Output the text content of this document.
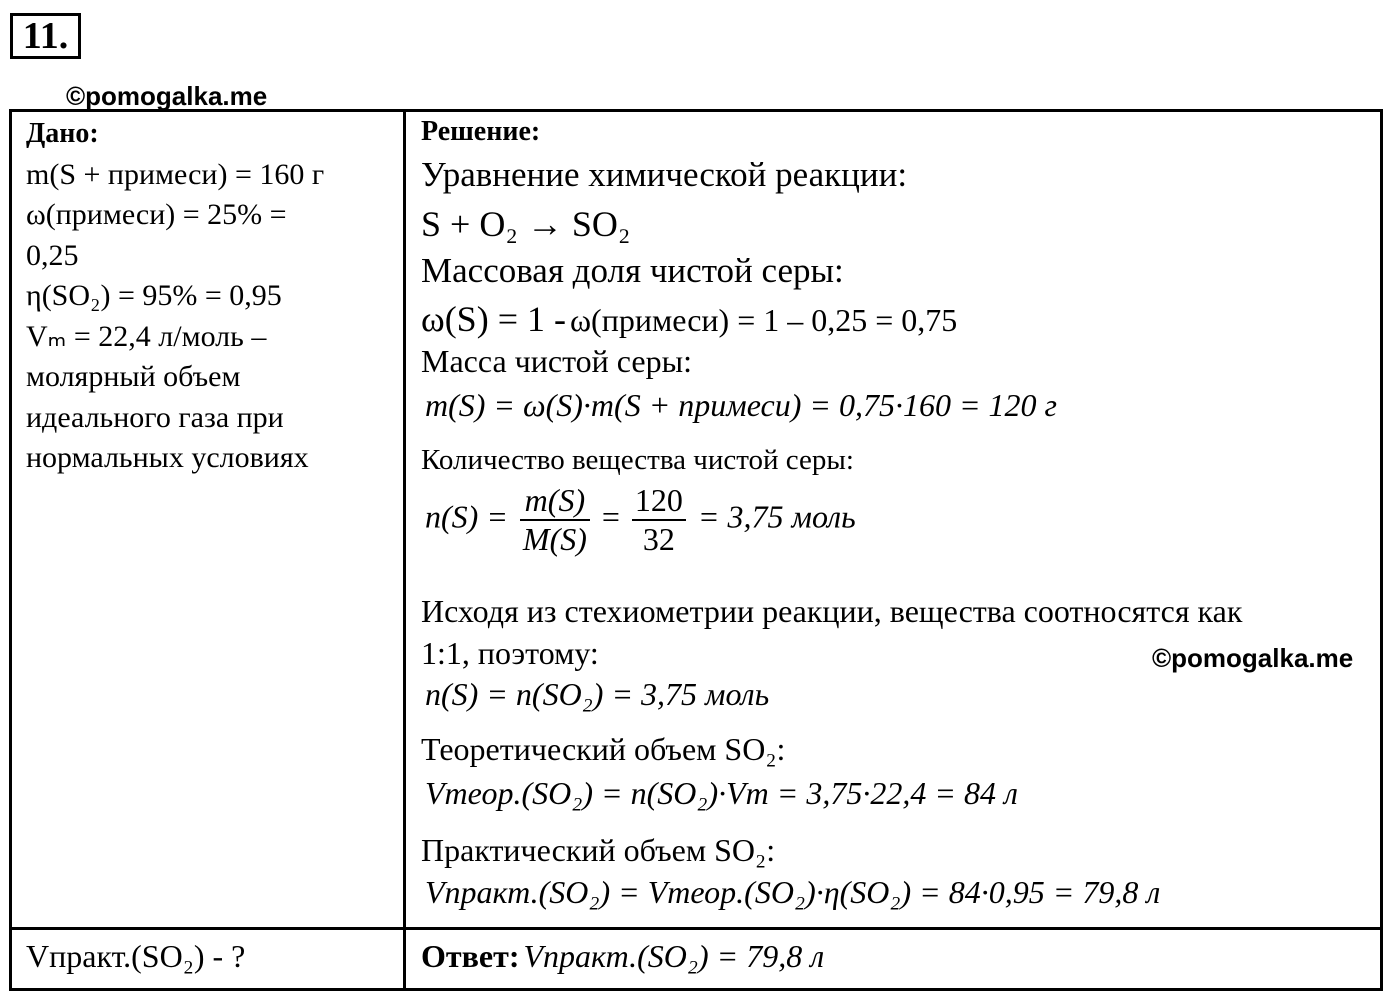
11.
©pomogalka.me
Дано:
m(S + примеси) = 160 г
ω(примеси) = 25% =
0,25
η(SO₂) = 95% = 0,95
Vₘ = 22,4 л/моль –
молярный объем
идеального газа при
нормальных условиях
Vпракт.(SO₂) - ?
Решение:
Уравнение химической реакции:
S + O₂ → SO₂
Массовая доля чистой серы:
ω(S) = 1 - ω(примеси) = 1 – 0,25 = 0,75
Масса чистой серы:
m(S) = ω(S)·m(S + примеси) = 0,75·160 = 120 г
Количество вещества чистой серы:
$n(S) = \frac{m(S)}{M(S)} = \frac{120}{32} = 3,75$ моль
Исходя из стехиометрии реакции, вещества соотносятся как
1:1, поэтому:	©pomogalka.me
n(S) = n(SO₂) = 3,75 моль
Теоретический объем SO₂:
Vтеор.(SO₂) = n(SO₂)·Vm = 3,75·22,4 = 84 л
Практический объем SO₂:
Vпракт.(SO₂) = Vтеор.(SO₂)·η(SO₂) = 84·0,95 = 79,8 л
Ответ: Vпракт.(SO₂) = 79,8 л
